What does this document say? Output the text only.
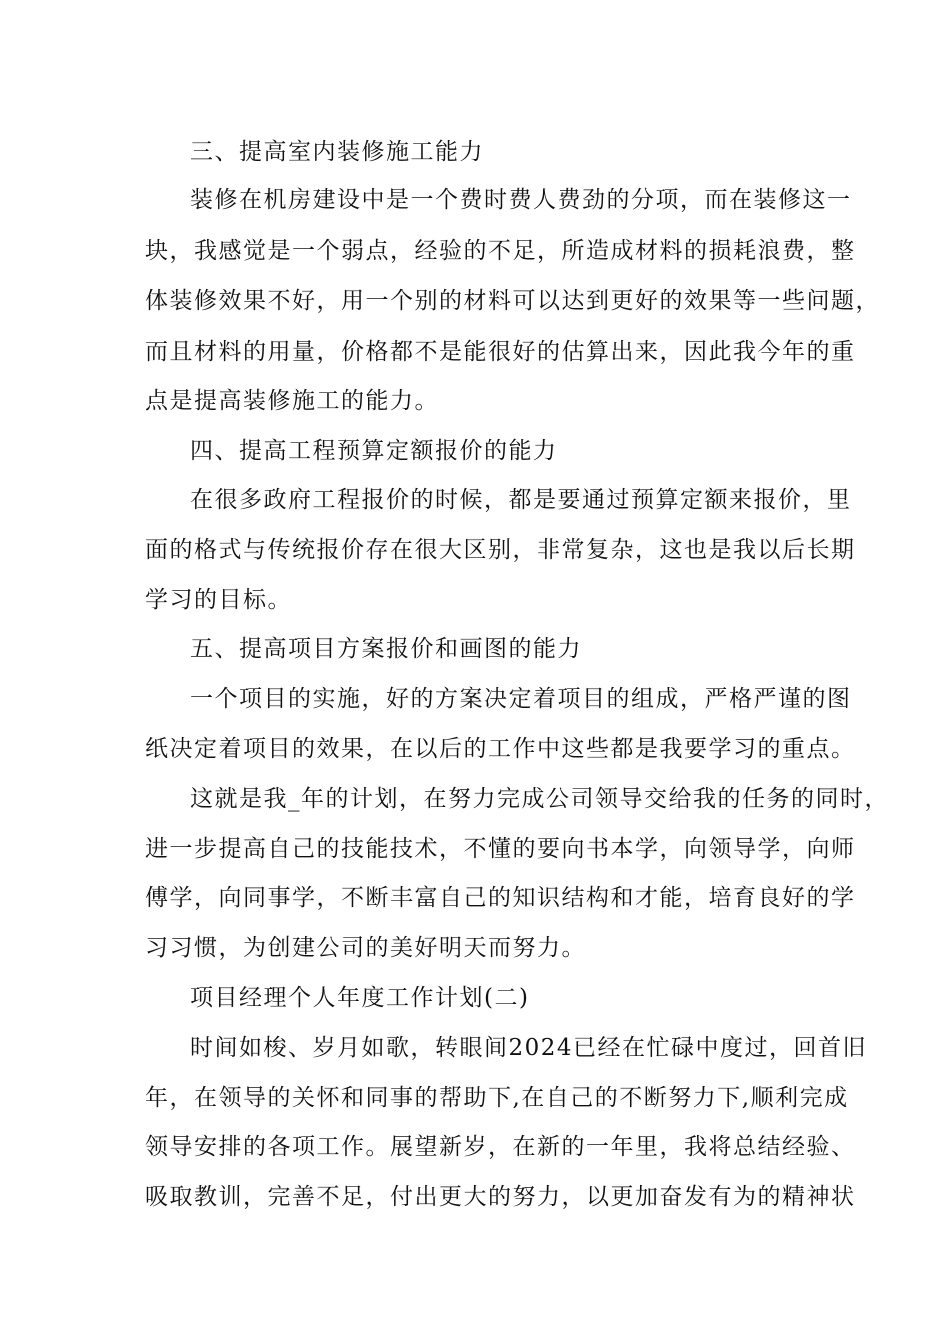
三、提高室内装修施工能力
装修在机房建设中是一个费时费人费劲的分项，而在装修这一
块，我感觉是一个弱点，经验的不足，所造成材料的损耗浪费，整
体装修效果不好，用一个别的材料可以达到更好的效果等一些问题，
而且材料的用量，价格都不是能很好的估算出来，因此我今年的重
点是提高装修施工的能力。
四、提高工程预算定额报价的能力
在很多政府工程报价的时候，都是要通过预算定额来报价，里
面的格式与传统报价存在很大区别，非常复杂，这也是我以后长期
学习的目标。
五、提高项目方案报价和画图的能力
一个项目的实施，好的方案决定着项目的组成，严格严谨的图
纸决定着项目的效果，在以后的工作中这些都是我要学习的重点。
这就是我_年的计划，在努力完成公司领导交给我的任务的同时，
进一步提高自己的技能技术，不懂的要向书本学，向领导学，向师
傅学，向同事学，不断丰富自己的知识结构和才能，培育良好的学
习习惯，为创建公司的美好明天而努力。
项目经理个人年度工作计划(二)
时间如梭、岁月如歌，转眼间2024已经在忙碌中度过，回首旧
年，在领导的关怀和同事的帮助下,在自己的不断努力下,顺利完成
领导安排的各项工作。展望新岁，在新的一年里，我将总结经验、
吸取教训，完善不足，付出更大的努力，以更加奋发有为的精神状
